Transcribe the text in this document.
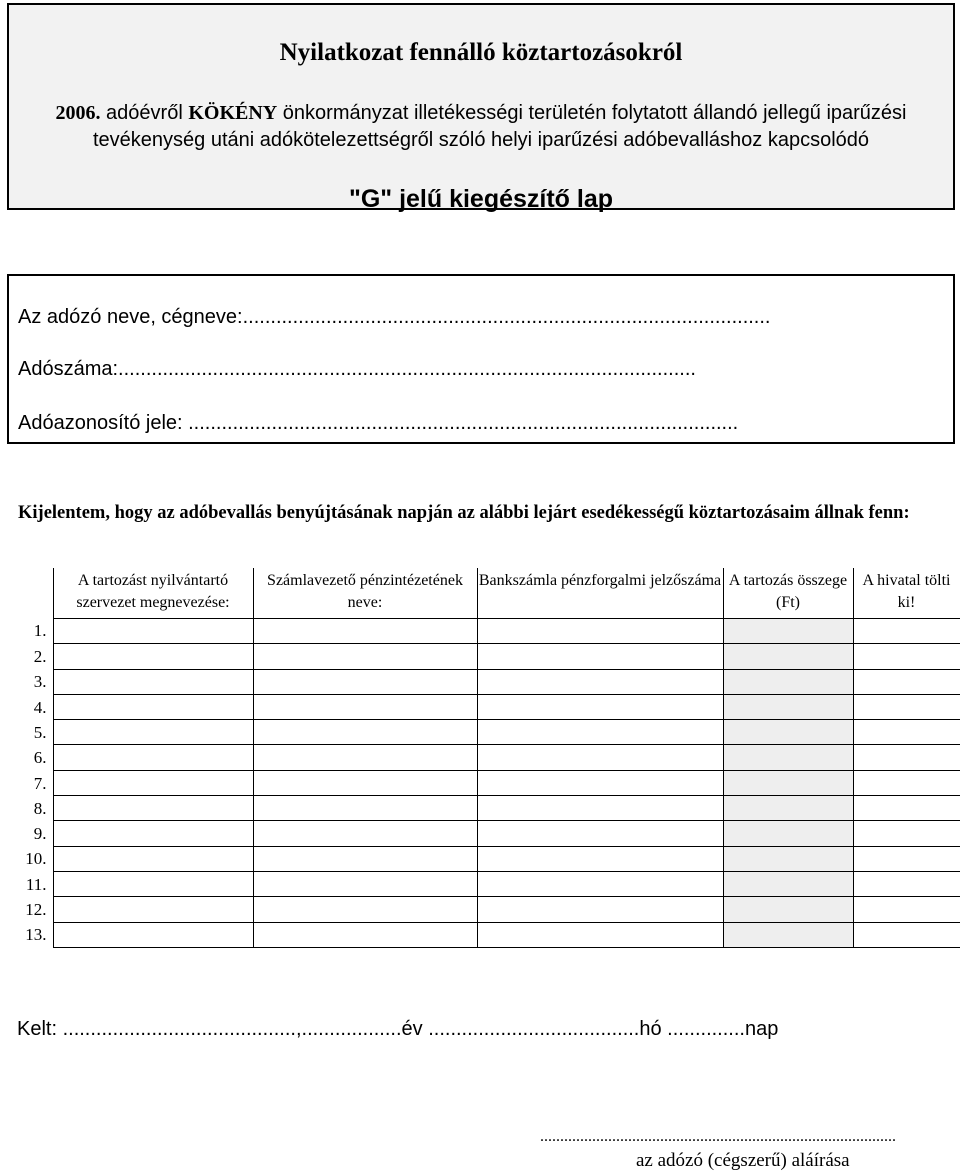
Nyilatkozat fennálló köztartozásokról
2006. adóévről KÖKÉNY önkormányzat illetékességi területén folytatott állandó jellegű iparűzési
tevékenység utáni adókötelezettségről szóló helyi iparűzési adóbevalláshoz kapcsolódó
"G" jelű kiegészítő lap
Az adózó neve, cégneve:...............................................................................................
Adószáma:........................................................................................................
Adóazonosító jele: ...................................................................................................
Kijelentem, hogy az adóbevallás benyújtásának napján az alábbi lejárt esedékességű köztartozásaim állnak fenn:
	A tartozást nyilvántartó szervezet megnevezése:	Számlavezető pénzintézetének neve:	Bankszámla pénzforgalmi jelzőszáma	A tartozás összege (Ft)	A hivatal tölti ki!
1.					
2.					
3.					
4.					
5.					
6.					
7.					
8.					
9.					
10.					
11.					
12.					
13.					
Kelt: ..........................................,..................év ......................................hó ..............nap
.........................................................................................
az adózó (cégszerű) aláírása
